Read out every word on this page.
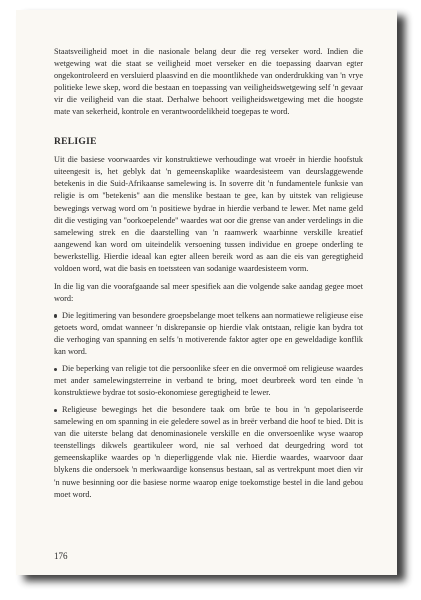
Staatsveiligheid moet in die nasionale belang deur die reg verseker word. Indien die wetgewing wat die staat se veiligheid moet verseker en die toepassing daarvan egter ongekontroleerd en versluierd plaasvind en die moontlikhede van onderdrukking van 'n vrye politieke lewe skep, word die bestaan en toepassing van veiligheidswetgewing self 'n gevaar vir die veiligheid van die staat. Derhalwe behoort veiligheidswetgewing met die hoogste mate van sekerheid, kontrole en verantwoordelikheid toegepas te word.

RELIGIE

Uit die basiese voorwaardes vir konstruktiewe verhoudinge wat vroeër in hierdie hoofstuk uiteengesit is, het geblyk dat 'n gemeenskaplike waardesisteem van deurslaggewende betekenis in die Suid-Afrikaanse samelewing is. In soverre dit 'n fundamentele funksie van religie is om ''betekenis'' aan die menslike bestaan te gee, kan by uitstek van religieuse bewegings verwag word om 'n positiewe bydrae in hierdie verband te lewer. Met name geld dit die vestiging van ''oorkoepelende'' waardes wat oor die grense van ander verdelings in die samelewing strek en die daarstelling van 'n raamwerk waarbinne verskille kreatief aangewend kan word om uiteindelik versoening tussen individue en groepe onderling te bewerkstellig. Hierdie ideaal kan egter alleen bereik word as aan die eis van geregtigheid voldoen word, wat die basis en toetssteen van sodanige waardesisteem vorm.

In die lig van die voorafgaande sal meer spesifiek aan die volgende sake aandag gegee moet word:

Die legitimering van besondere groepsbelange moet telkens aan normatiewe religieuse eise getoets word, omdat wanneer 'n diskrepansie op hierdie vlak ontstaan, religie kan bydra tot die verhoging van spanning en selfs 'n motiverende faktor agter ope en geweldadige konflik kan word.

Die beperking van religie tot die persoonlike sfeer en die onvermoë om religieuse waardes met ander samelewingsterreine in verband te bring, moet deurbreek word ten einde 'n konstruktiewe bydrae tot sosio-ekonomiese geregtigheid te lewer.

Religieuse bewegings het die besondere taak om brûe te bou in 'n gepolariseerde samelewing en om spanning in eie geledere sowel as in breër verband die hoof te bied. Dit is van die uiterste belang dat denominasionele verskille en die onversoenlike wyse waarop teenstellings dikwels geartikuleer word, nie sal verhoed dat deurgedring word tot gemeenskaplike waardes op 'n dieperliggende vlak nie. Hierdie waardes, waarvoor daar blykens die ondersoek 'n merkwaardige konsensus bestaan, sal as vertrekpunt moet dien vir 'n nuwe besinning oor die basiese norme waarop enige toekomstige bestel in die land gebou moet word.

176
